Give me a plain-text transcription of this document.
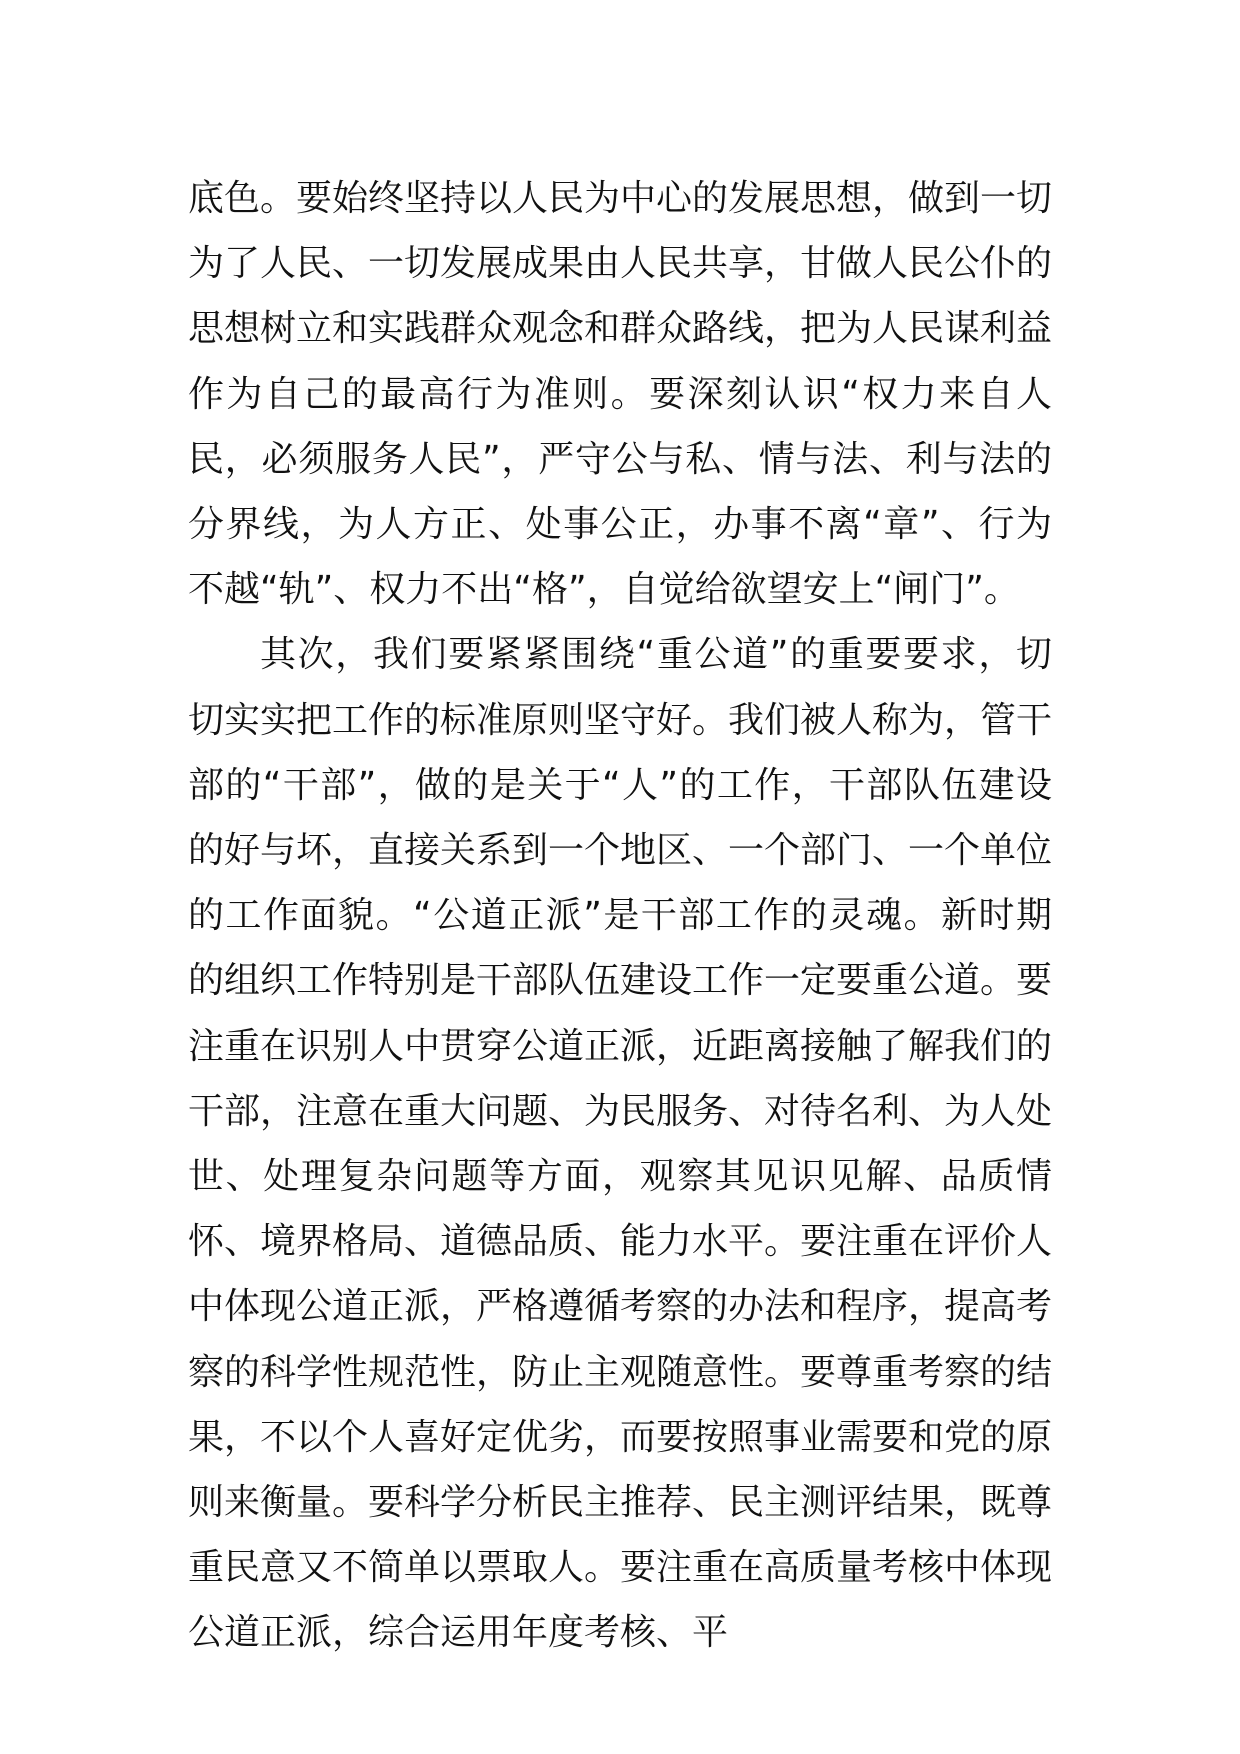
底色。要始终坚持以人民为中心的发展思想，做到一切为了人民、一切发展成果由人民共享，甘做人民公仆的思想树立和实践群众观念和群众路线，把为人民谋利益作为自己的最高行为准则。要深刻认识“权力来自人民，必须服务人民”，严守公与私、情与法、利与法的分界线，为人方正、处事公正，办事不离“章”、行为不越“轨”、权力不出“格”，自觉给欲望安上“闸门”。

其次，我们要紧紧围绕“重公道”的重要要求，切切实实把工作的标准原则坚守好。我们被人称为，管干部的“干部”，做的是关于“人”的工作，干部队伍建设的好与坏，直接关系到一个地区、一个部门、一个单位的工作面貌。“公道正派”是干部工作的灵魂。新时期的组织工作特别是干部队伍建设工作一定要重公道。要注重在识别人中贯穿公道正派，近距离接触了解我们的干部，注意在重大问题、为民服务、对待名利、为人处世、处理复杂问题等方面，观察其见识见解、品质情怀、境界格局、道德品质、能力水平。要注重在评价人中体现公道正派，严格遵循考察的办法和程序，提高考察的科学性规范性，防止主观随意性。要尊重考察的结果，不以个人喜好定优劣，而要按照事业需要和党的原则来衡量。要科学分析民主推荐、民主测评结果，既尊重民意又不简单以票取人。要注重在高质量考核中体现公道正派，综合运用年度考核、平
